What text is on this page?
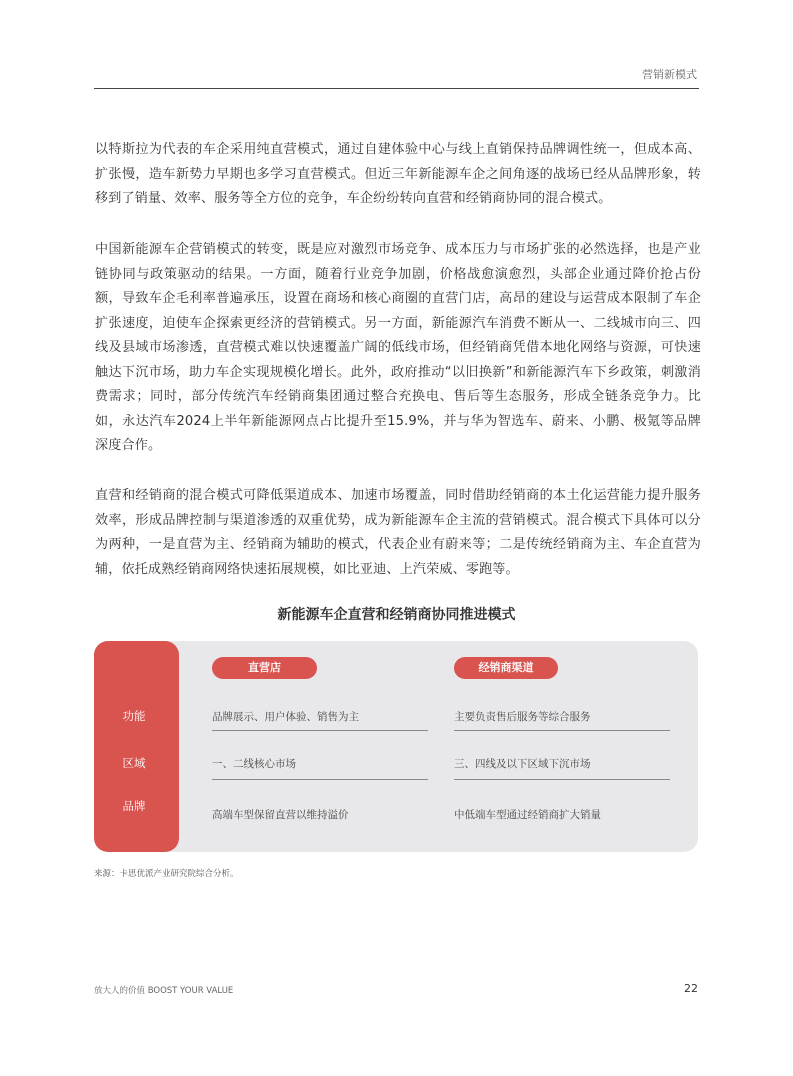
营销新模式

以特斯拉为代表的车企采用纯直营模式，通过自建体验中心与线上直销保持品牌调性统一，但成本高、扩张慢，造车新势力早期也多学习直营模式。但近三年新能源车企之间角逐的战场已经从品牌形象，转移到了销量、效率、服务等全方位的竞争，车企纷纷转向直营和经销商协同的混合模式。

中国新能源车企营销模式的转变，既是应对激烈市场竞争、成本压力与市场扩张的必然选择，也是产业链协同与政策驱动的结果。一方面，随着行业竞争加剧，价格战愈演愈烈，头部企业通过降价抢占份额，导致车企毛利率普遍承压，设置在商场和核心商圈的直营门店，高昂的建设与运营成本限制了车企扩张速度，迫使车企探索更经济的营销模式。另一方面，新能源汽车消费不断从一、二线城市向三、四线及县域市场渗透，直营模式难以快速覆盖广阔的低线市场，但经销商凭借本地化网络与资源，可快速触达下沉市场，助力车企实现规模化增长。此外，政府推动“以旧换新”和新能源汽车下乡政策，刺激消费需求；同时，部分传统汽车经销商集团通过整合充换电、售后等生态服务，形成全链条竞争力。比如，永达汽车2024上半年新能源网点占比提升至15.9%，并与华为智选车、蔚来、小鹏、极氪等品牌深度合作。

直营和经销商的混合模式可降低渠道成本、加速市场覆盖，同时借助经销商的本土化运营能力提升服务效率，形成品牌控制与渠道渗透的双重优势，成为新能源车企主流的营销模式。混合模式下具体可以分为两种，一是直营为主、经销商为辅助的模式，代表企业有蔚来等；二是传统经销商为主、车企直营为辅，依托成熟经销商网络快速拓展规模，如比亚迪、上汽荣威、零跑等。

新能源车企直营和经销商协同推进模式
功能
区域
品牌
直营店	经销商渠道
品牌展示、用户体验、销售为主
一、二线核心市场
高端车型保留直营以维持溢价
主要负责售后服务等综合服务
三、四线及以下区域下沉市场
中低端车型通过经销商扩大销量
来源：卡思优派产业研究院综合分析。
放大人的价值 BOOST YOUR VALUE	22
